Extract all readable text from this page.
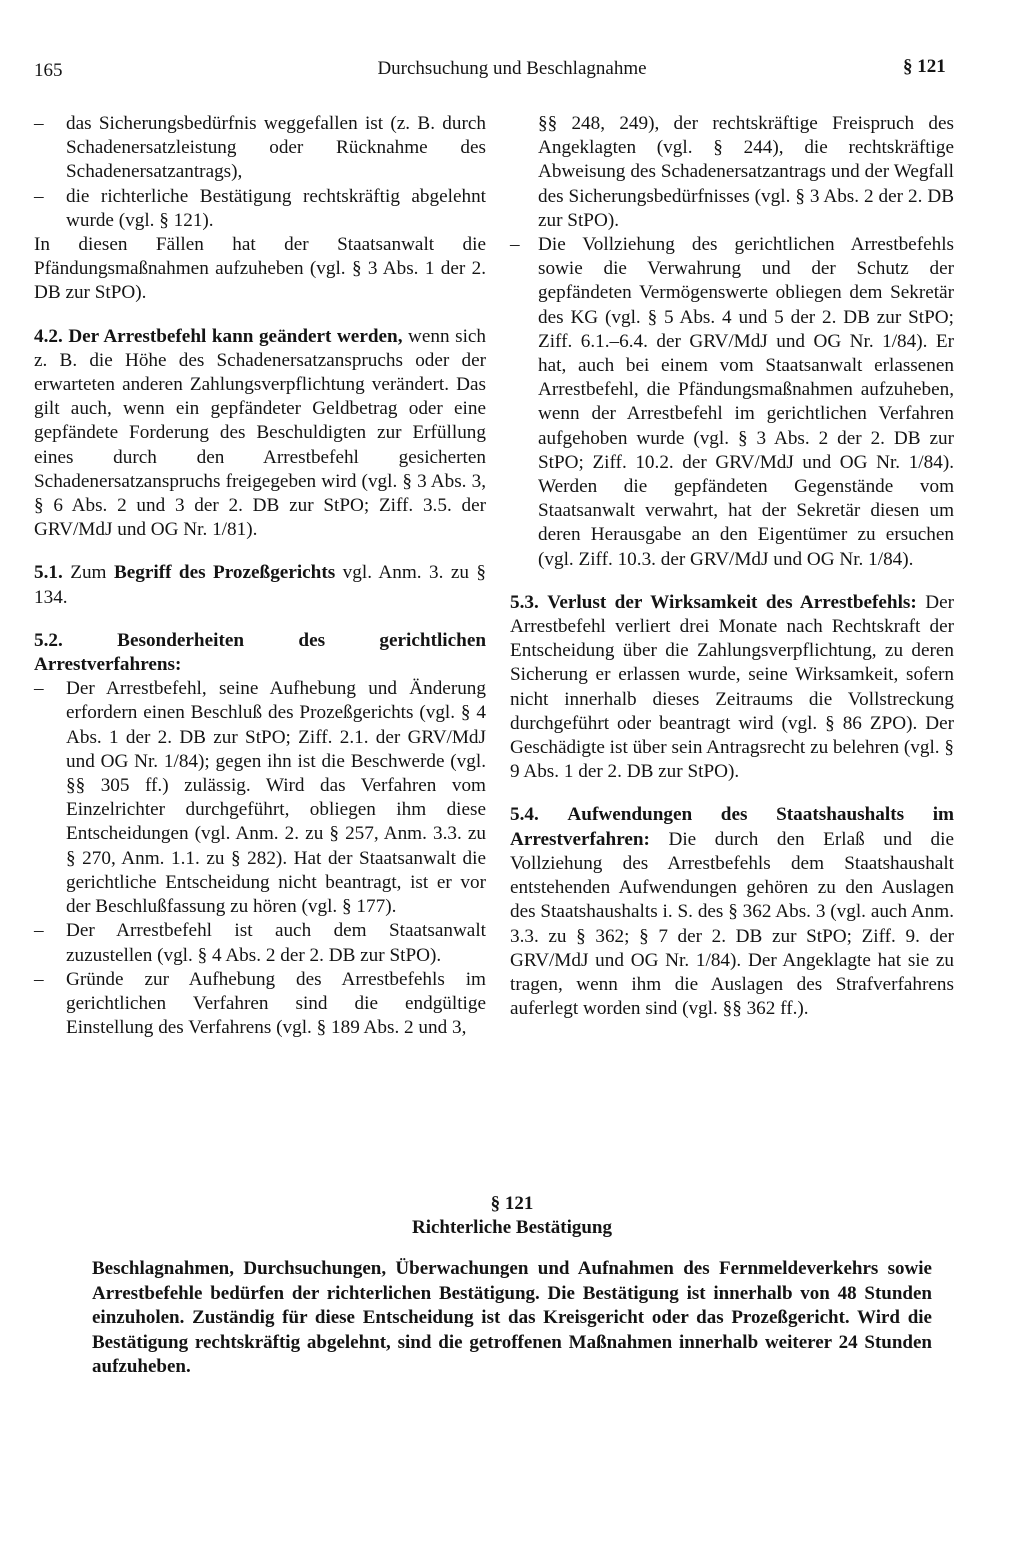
165	Durchsuchung und Beschlagnahme	§ 121

– das Sicherungsbedürfnis weggefallen ist (z. B. durch Schadenersatzleistung oder Rücknahme des Schadenersatzantrags),

– die richterliche Bestätigung rechtskräftig abgelehnt wurde (vgl. § 121).

In diesen Fällen hat der Staatsanwalt die Pfändungsmaßnahmen aufzuheben (vgl. § 3 Abs. 1 der 2. DB zur StPO).

4.2. Der Arrestbefehl kann geändert werden, wenn sich z. B. die Höhe des Schadenersatzanspruchs oder der erwarteten anderen Zahlungsverpflichtung verändert. Das gilt auch, wenn ein gepfändeter Geldbetrag oder eine gepfändete Forderung des Beschuldigten zur Erfüllung eines durch den Arrestbefehl gesicherten Schadenersatzanspruchs freigegeben wird (vgl. § 3 Abs. 3, § 6 Abs. 2 und 3 der 2. DB zur StPO; Ziff. 3.5. der GRV/MdJ und OG Nr. 1/81).

5.1. Zum Begriff des Prozeßgerichts vgl. Anm. 3. zu § 134.

5.2.	Besonderheiten des gerichtlichen Arrestverfahrens:

– Der Arrestbefehl, seine Aufhebung und Änderung erfordern einen Beschluß des Prozeßgerichts (vgl. § 4 Abs. 1 der 2. DB zur StPO; Ziff. 2.1. der GRV/MdJ und OG Nr. 1/84); gegen ihn ist die Beschwerde (vgl. §§ 305 ff.) zulässig. Wird das Verfahren vom Einzelrichter durchgeführt, obliegen ihm diese Entscheidungen (vgl. Anm. 2. zu § 257, Anm. 3.3. zu § 270, Anm. 1.1. zu § 282). Hat der Staatsanwalt die gerichtliche Entscheidung nicht beantragt, ist er vor der Beschlußfassung zu hören (vgl. § 177).

– Der Arrestbefehl ist auch dem Staatsanwalt zuzustellen (vgl. § 4 Abs. 2 der 2. DB zur StPO).

– Gründe zur Aufhebung des Arrestbefehls im gerichtlichen Verfahren sind die endgültige Einstellung des Verfahrens (vgl. § 189 Abs. 2 und 3,

§§ 248, 249), der rechtskräftige Freispruch des Angeklagten (vgl. § 244), die rechtskräftige Abweisung des Schadenersatzantrags und der Wegfall des Sicherungsbedürfnisses (vgl. § 3 Abs. 2 der 2. DB zur StPO).

– Die Vollziehung des gerichtlichen Arrestbefehls sowie die Verwahrung und der Schutz der gepfändeten Vermögenswerte obliegen dem Sekretär des KG (vgl. § 5 Abs. 4 und 5 der 2. DB zur StPO; Ziff. 6.1.–6.4. der GRV/MdJ und OG Nr. 1/84). Er hat, auch bei einem vom Staatsanwalt erlassenen Arrestbefehl, die Pfändungsmaßnahmen aufzuheben, wenn der Arrestbefehl im gerichtlichen Verfahren aufgehoben wurde (vgl. § 3 Abs. 2 der 2. DB zur StPO; Ziff. 10.2. der GRV/MdJ und OG Nr. 1/84). Werden die gepfändeten Gegenstände vom Staatsanwalt verwahrt, hat der Sekretär diesen um deren Herausgabe an den Eigentümer zu ersuchen (vgl. Ziff. 10.3. der GRV/MdJ und OG Nr. 1/84).

5.3. Verlust der Wirksamkeit des Arrestbefehls: Der Arrestbefehl verliert drei Monate nach Rechtskraft der Entscheidung über die Zahlungsverpflichtung, zu deren Sicherung er erlassen wurde, seine Wirksamkeit, sofern nicht innerhalb dieses Zeitraums die Vollstreckung durchgeführt oder beantragt wird (vgl. § 86 ZPO). Der Geschädigte ist über sein Antragsrecht zu belehren (vgl. § 9 Abs. 1 der 2. DB zur StPO).

5.4. Aufwendungen des Staatshaushalts im Arrestverfahren: Die durch den Erlaß und die Vollziehung des Arrestbefehls dem Staatshaushalt entstehenden Aufwendungen gehören zu den Auslagen des Staatshaushalts i. S. des § 362 Abs. 3 (vgl. auch Anm. 3.3. zu § 362; § 7 der 2. DB zur StPO; Ziff. 9. der GRV/MdJ und OG Nr. 1/84). Der Angeklagte hat sie zu tragen, wenn ihm die Auslagen des Strafverfahrens auferlegt worden sind (vgl. §§ 362 ff.).

§ 121
Richterliche Bestätigung
Beschlagnahmen, Durchsuchungen, Überwachungen und Aufnahmen des Fernmeldeverkehrs sowie Arrestbefehle bedürfen der richterlichen Bestätigung. Die Bestätigung ist innerhalb von 48 Stunden einzuholen. Zuständig für diese Entscheidung ist das Kreisgericht oder das Prozeßgericht. Wird die Bestätigung rechtskräftig abgelehnt, sind die getroffenen Maßnahmen innerhalb weiterer 24 Stunden aufzuheben.
